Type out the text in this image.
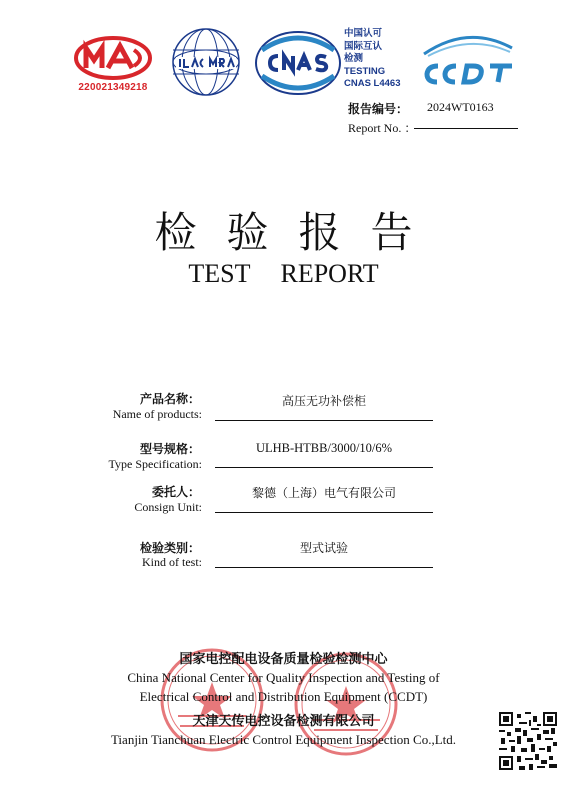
220021349218
中国认可
国际互认
检测
TESTING
CNAS L4463
报告编号： 2024WT0163
Report No. ：
检验报告
TEST REPORT
产品名称：
Name of products:
高压无功补偿柜
型号规格：
Type Specification:
ULHB-HTBB/3000/10/6%
委托人：
Consign Unit:
黎德（上海）电气有限公司
检验类别：
Kind of test:
型式试验
国家电控配电设备质量检验检测中心
China National Center for Quality Inspection and Testing of
Electrical Control and Distribution Equipment (CCDT)
天津天传电控设备检测有限公司
Tianjin Tianchuan Electric Control Equipment Inspection Co.,Ltd.
